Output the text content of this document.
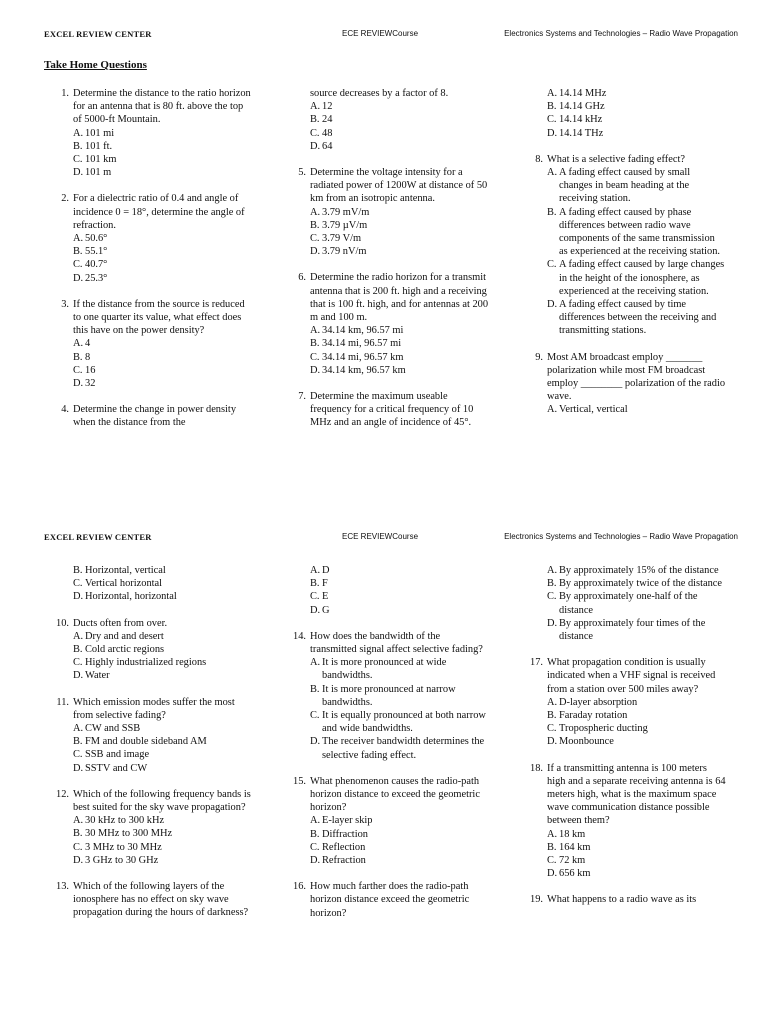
EXCEL REVIEW CENTER	ECE REVIEWCourse	Electronics Systems and Technologies – Radio Wave Propagation
Take Home Questions
1. Determine the distance to the ratio horizon for an antenna that is 80 ft. above the top of 5000-ft Mountain.
A. 101 mi
B. 101 ft.
C. 101 km
D. 101 m
2. For a dielectric ratio of 0.4 and angle of incidence 0 = 18°, determine the angle of refraction.
A. 50.6°
B. 55.1°
C. 40.7°
D. 25.3°
3. If the distance from the source is reduced to one quarter its value, what effect does this have on the power density?
A. 4
B. 8
C. 16
D. 32
4. Determine the change in power density when the distance from the
source decreases by a factor of 8.
A. 12
B. 24
C. 48
D. 64
5. Determine the voltage intensity for a radiated power of 1200W at distance of 50 km from an isotropic antenna.
A. 3.79 mV/m
B. 3.79 µV/m
C. 3.79 V/m
D. 3.79 nV/m
6. Determine the radio horizon for a transmit antenna that is 200 ft. high and a receiving that is 100 ft. high, and for antennas at 200 m and 100 m.
A. 34.14 km, 96.57 mi
B. 34.14 mi, 96.57 mi
C. 34.14 mi, 96.57 km
D. 34.14 km, 96.57 km
7. Determine the maximum useable frequency for a critical frequency of 10 MHz and an angle of incidence of 45°.
A. 14.14 MHz
B. 14.14 GHz
C. 14.14 kHz
D. 14.14 THz
8. What is a selective fading effect?
A. A fading effect caused by small changes in beam heading at the receiving station.
B. A fading effect caused by phase differences between radio wave components of the same transmission as experienced at the receiving station.
C. A fading effect caused by large changes in the height of the ionosphere, as experienced at the receiving station.
D. A fading effect caused by time differences between the receiving and transmitting stations.
9. Most AM broadcast employ _______ polarization while most FM broadcast employ ________ polarization of the radio wave.
A. Vertical, vertical
EXCEL REVIEW CENTER	ECE REVIEWCourse	Electronics Systems and Technologies – Radio Wave Propagation
B. Horizontal, vertical
C. Vertical horizontal
D. Horizontal, horizontal
10. Ducts often from over.
A. Dry and and desert
B. Cold arctic regions
C. Highly industrialized regions
D. Water
11. Which emission modes suffer the most from selective fading?
A. CW and SSB
B. FM and double sideband AM
C. SSB and image
D. SSTV and CW
12. Which of the following frequency bands is best suited for the sky wave propagation?
A. 30 kHz to 300 kHz
B. 30 MHz to 300 MHz
C. 3 MHz to 30 MHz
D. 3 GHz to 30 GHz
13. Which of the following layers of the ionosphere has no effect on sky wave propagation during the hours of darkness?
A. D
B. F
C. E
D. G
14. How does the bandwidth of the transmitted signal affect selective fading?
A. It is more pronounced at wide bandwidths.
B. It is more pronounced at narrow bandwidths.
C. It is equally pronounced at both narrow and wide bandwidths.
D. The receiver bandwidth determines the selective fading effect.
15. What phenomenon causes the radio-path horizon distance to exceed the geometric horizon?
A. E-layer skip
B. Diffraction
C. Reflection
D. Refraction
16. How much farther does the radio-path horizon distance exceed the geometric horizon?
A. By approximately 15% of the distance
B. By approximately twice of the distance
C. By approximately one-half of the distance
D. By approximately four times of the distance
17. What propagation condition is usually indicated when a VHF signal is received from a station over 500 miles away?
A. D-layer absorption
B. Faraday rotation
C. Tropospheric ducting
D. Moonbounce
18. If a transmitting antenna is 100 meters high and a separate receiving antenna is 64 meters high, what is the maximum space wave communication distance possible between them?
A. 18 km
B. 164 km
C. 72 km
D. 656 km
19. What happens to a radio wave as its
